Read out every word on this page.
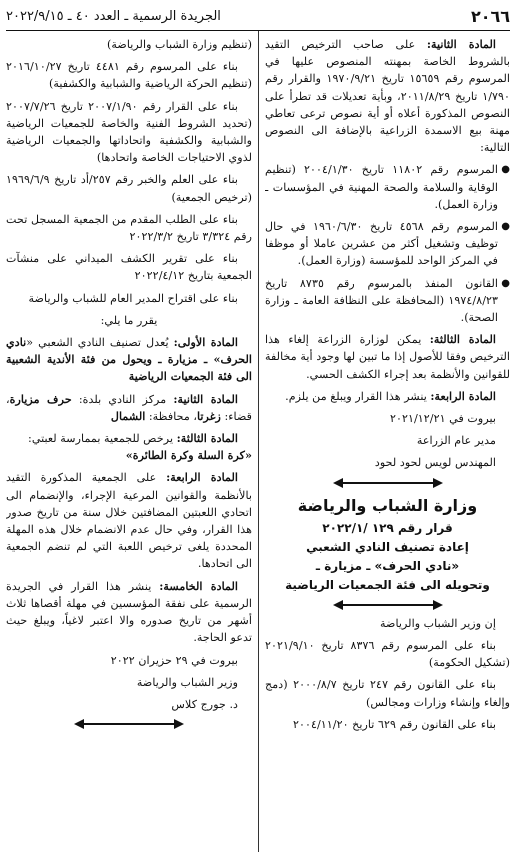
الجريدة الرسمية ـ العدد ٤٠ ـ ٢٠٢٢/٩/١٥	٢٠٦٦

المادة الثانية: على صاحب الترخيص التقيد بالشروط الخاصة بمهنته المنصوص عليها في المرسوم رقم ١٥٦٥٩ تاريخ ١٩٧٠/٩/٢١ والقرار رقم ١/٧٩٠ تاريخ ٢٠١١/٨/٢٩، وبأية تعديلات قد تطرأ على النصوص المذكورة أعلاه أو أية نصوص ترعى تعاطي مهنة بيع الاسمدة الزراعية بالإضافة الى النصوص التالية:

●
المرسوم رقم ١١٨٠٢ تاريخ ٢٠٠٤/١/٣٠ (تنظيم الوقاية والسلامة والصحة المهنية في المؤسسات ـ وزارة العمل).

●
المرسوم رقم ٤٥٦٨ تاريخ ١٩٦٠/٦/٣٠ في حال توظيف وتشغيل أكثر من عشرين عاملا أو موظفا في المركز الواحد للمؤسسة (وزارة العمل).

●
القانون المنفذ بالمرسوم رقم ٨٧٣٥ تاريخ ١٩٧٤/٨/٢٣ (المحافظة على النظافة العامة ـ وزارة الصحة).

المادة الثالثة: يمكن لوزارة الزراعة إلغاء هذا الترخيص وفقا للأصول إذا ما تبين لها وجود أية مخالفة للقوانين والأنظمة بعد إجراء الكشف الحسي.

المادة الرابعة: ينشر هذا القرار ويبلغ من يلزم.

بيروت في ٢٠٢١/١٢/٢١

مدير عام الزراعة

المهندس لويس لحود لحود

وزارة الشباب والرياضة
قرار رقم ١٢٩ /٢٠٢٢/١
إعادة تصنيف النادي الشعبي
«نادي الحرف» ـ مزيارة ـ
وتحويله الى فئة الجمعيات الرياضية

إن وزير الشباب والرياضة

بناء على المرسوم رقم ٨٣٧٦ تاريخ ٢٠٢١/٩/١٠ (تشكيل الحكومة)

بناء على القانون رقم ٢٤٧ تاريخ ٢٠٠٠/٨/٧ (دمج وإلغاء وإنشاء وزارات ومجالس)

بناء على القانون رقم ٦٢٩ تاريخ ٢٠٠٤/١١/٢٠

(تنظيم وزارة الشباب والرياضة)

بناء على المرسوم رقم ٤٤٨١ تاريخ ٢٠١٦/١٠/٢٧ (تنظيم الحركة الرياضية والشبابية والكشفية)

بناء على القرار رقم ٢٠٠٧/١/٩٠ تاريخ ٢٠٠٧/٧/٢٦ (تحديد الشروط الفنية والخاصة للجمعيات الرياضية والشبابية والكشفية واتحاداتها والجمعيات الرياضية لذوي الاحتياجات الخاصة واتحادها)

بناء على العلم والخبر رقم ٢٥٧/أد تاريخ ١٩٦٩/٦/٩ (ترخيص الجمعية)

بناء على الطلب المقدم من الجمعية المسجل تحت رقم ٣/٣٢٤ تاريخ ٢٠٢٢/٣/٢

بناء على تقرير الكشف الميداني على منشآت الجمعية بتاريخ ٢٠٢٢/٤/١٢

بناء على اقتراح المدير العام للشباب والرياضة

يقرر ما يلي:

المادة الأولى: يُعدل تصنيف النادي الشعبي «نادي الحرف» ـ مزيارة ـ ويحول من فئة الأندية الشعبية الى فئة الجمعيات الرياضية

المادة الثانية: مركز النادي بلدة: حرف مزيارة، قضاء: زغرتا، محافظة: الشمال

المادة الثالثة: يرخص للجمعية بممارسة لعبتي:
«كرة السلة وكرة الطائرة»

المادة الرابعة: على الجمعية المذكورة التقيد بالأنظمة والقوانين المرعية الإجراء، والإنضمام الى اتحادي اللعبتين المضافتين خلال سنة من تاريخ صدور هذا القرار، وفي حال عدم الانضمام خلال هذه المهلة المحددة يلغى ترخيص اللعبة التي لم تنضم الجمعية الى اتحادها.

المادة الخامسة: ينشر هذا القرار في الجريدة الرسمية على نفقة المؤسسين في مهلة أقصاها ثلاث أشهر من تاريخ صدوره والا اعتبر لاغياً، ويبلغ حيث تدعو الحاجة.

بيروت في ٢٩ حزيران ٢٠٢٢

وزير الشباب والرياضة

د. جورج كلاس
